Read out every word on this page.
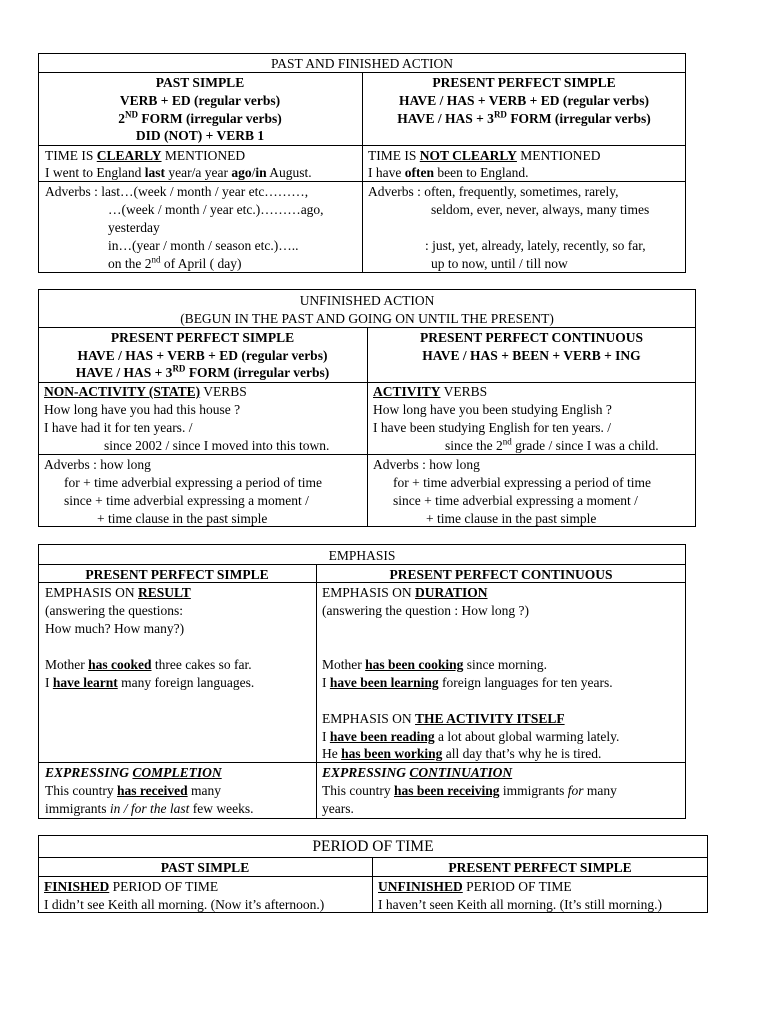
PAST AND FINISHED ACTION
PAST SIMPLE
VERB + ED (regular verbs)
2ND FORM (irregular verbs)
DID (NOT) + VERB 1
PRESENT PERFECT SIMPLE
HAVE / HAS + VERB + ED (regular verbs)
HAVE / HAS + 3RD FORM (irregular verbs)
TIME IS CLEARLY MENTIONED
I went to England last year/a year ago/in August.
TIME IS NOT CLEARLY MENTIONED
I have often been to England.
Adverbs : last…(week / month / year etc………,
…(week / month / year etc.)………ago,
yesterday
in…(year / month / season etc.)…..
on the 2nd of April ( day)
Adverbs : often, frequently, sometimes, rarely,
seldom, ever, never, always, many times
: just, yet, already, lately, recently, so far,
up to now, until / till now
UNFINISHED ACTION
(BEGUN IN THE PAST AND GOING ON UNTIL THE PRESENT)
PRESENT PERFECT SIMPLE
HAVE / HAS + VERB + ED (regular verbs)
HAVE / HAS + 3RD FORM (irregular verbs)
PRESENT PERFECT CONTINUOUS
HAVE / HAS + BEEN + VERB + ING
NON-ACTIVITY (STATE) VERBS
How long have you had this house ?
I have had it for ten years. /
since 2002 / since I moved into this town.
ACTIVITY VERBS
How long have you been studying English ?
I have been studying English for ten years. /
since the 2nd grade / since I was a child.
Adverbs : how long
for + time adverbial expressing a period of time
since + time adverbial expressing a moment /
+ time clause in the past simple
Adverbs : how long
for + time adverbial expressing a period of time
since + time adverbial expressing a moment /
+ time clause in the past simple
EMPHASIS
PRESENT PERFECT SIMPLE	PRESENT PERFECT CONTINUOUS
EMPHASIS ON RESULT
(answering the questions:
How much? How many?)
Mother has cooked three cakes so far.
I have learnt many foreign languages.
EMPHASIS ON DURATION
(answering the question : How long ?)
Mother has been cooking since morning.
I have been learning foreign languages for ten years.
EMPHASIS ON THE ACTIVITY ITSELF
I have been reading a lot about global warming lately.
He has been working all day that’s why he is tired.
EXPRESSING COMPLETION
This country has received many
immigrants in / for the last few weeks.
EXPRESSING CONTINUATION
This country has been receiving immigrants for many
years.
PERIOD OF TIME
PAST SIMPLE	PRESENT PERFECT SIMPLE
FINISHED PERIOD OF TIME
I didn’t see Keith all morning. (Now it’s afternoon.)
UNFINISHED PERIOD OF TIME
I haven’t seen Keith all morning. (It’s still morning.)
